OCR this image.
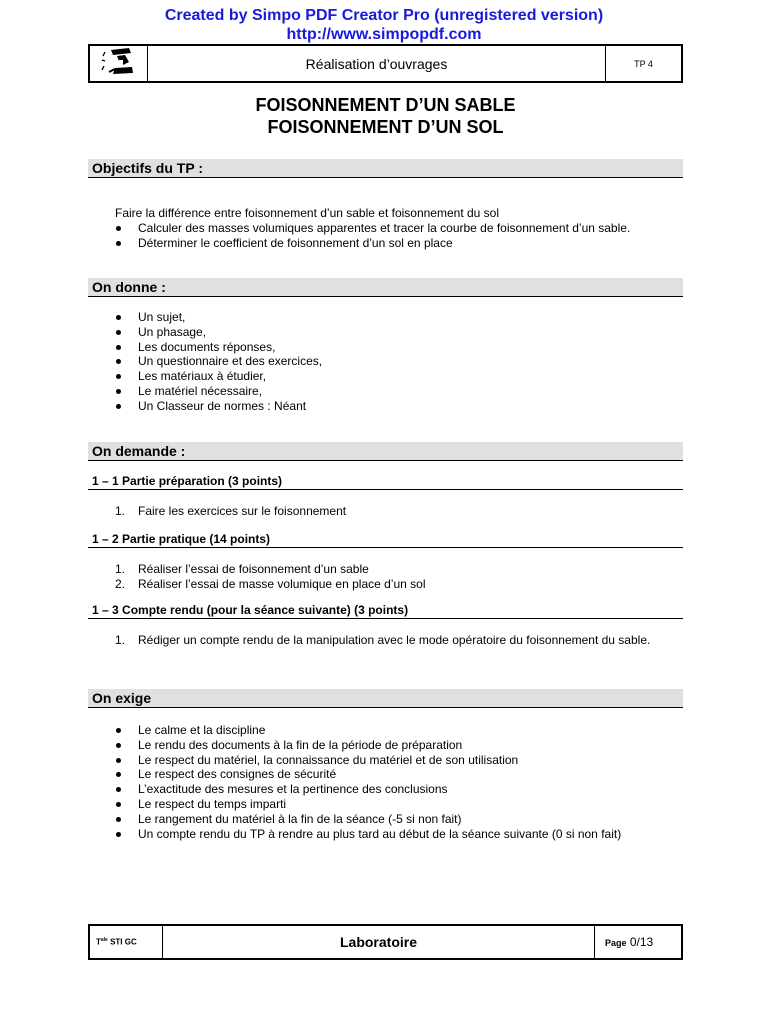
Created by Simpo PDF Creator Pro (unregistered version)
http://www.simpopdf.com
	Réalisation d’ouvrages	TP 4
FOISONNEMENT D’UN SABLE
FOISONNEMENT D’UN SOL
Objectifs du TP :
Faire la différence entre foisonnement d’un sable et foisonnement du sol
Calculer des masses volumiques apparentes et tracer la courbe de foisonnement d’un sable.
Déterminer le coefficient de foisonnement d’un sol en place
On donne :
Un sujet,
Un phasage,
Les documents réponses,
Un questionnaire et des exercices,
Les matériaux à étudier,
Le matériel nécessaire,
Un Classeur de normes : Néant
On demande :
1 – 1 Partie préparation (3 points)
1. Faire les exercices sur le foisonnement
1 – 2 Partie pratique (14 points)
1. Réaliser l’essai de foisonnement d’un sable
2. Réaliser l’essai de masse volumique en place d’un sol
1 – 3 Compte rendu (pour la séance suivante) (3 points)
1. Rédiger un compte rendu de la manipulation avec le mode opératoire du foisonnement du sable.
On exige
Le calme et la discipline
Le rendu des documents à la fin de la période de préparation
Le respect du matériel, la connaissance du matériel et de son utilisation
Le respect des consignes de sécurité
L’exactitude des mesures et la pertinence des conclusions
Le respect du temps imparti
Le rangement du matériel à la fin de la séance (-5 si non fait)
Un compte rendu du TP à rendre au plus tard au début de la séance suivante (0 si non fait)
$T^{ale}$ STI GC	Laboratoire	Page 0/13
